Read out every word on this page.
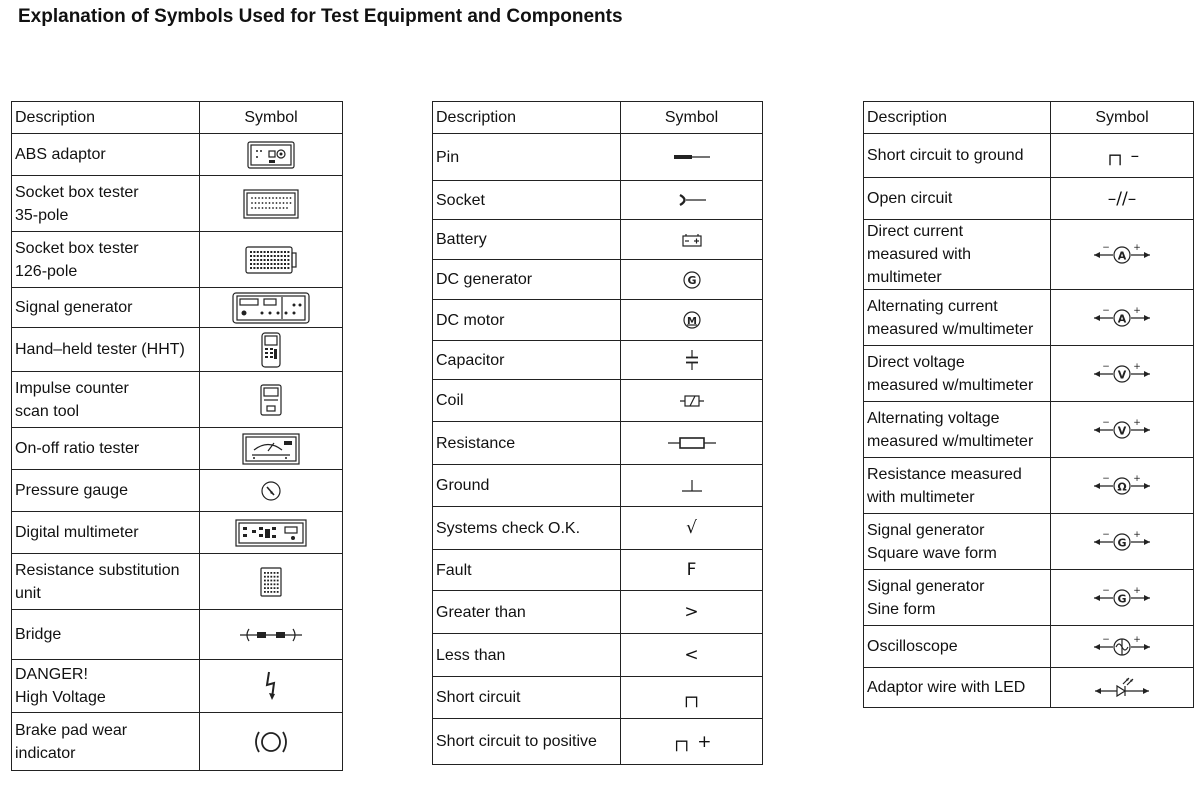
Explanation of Symbols Used for Test Equipment and Components
Description	Symbol

ABS adaptor

Socket box tester
35-pole

Socket box tester
126-pole

Signal generator

Hand–held tester (HHT)

Impulse counter
scan tool

On-off ratio tester

Pressure gauge

Digital multimeter

Resistance substitution
unit

Bridge

DANGER!
High Voltage

Brake pad wear
indicator

Description	Symbol

Pin

Socket

Battery

DC generator	G

DC motor	M

Capacitor

Coil

Resistance

Ground

Systems check O.K.	√

Fault	F

Greater than	>

Less than	<

Short circuit	┌┐

Short circuit to positive	┌┐ +
Description	Symbol

Short circuit to ground	┌┐ –

Open circuit	–//–

Direct current
measured with
multimeter	A
− +

Alternating current
measured w/multimeter	A
− +

Direct voltage
measured w/multimeter	V
− +

Alternating voltage
measured w/multimeter	V
− +

Resistance measured
with multimeter	Ω
− +

Signal generator
Square wave form	G
− +

Signal generator
Sine form	G
− +

Oscilloscope	− +

Adaptor wire with LED
